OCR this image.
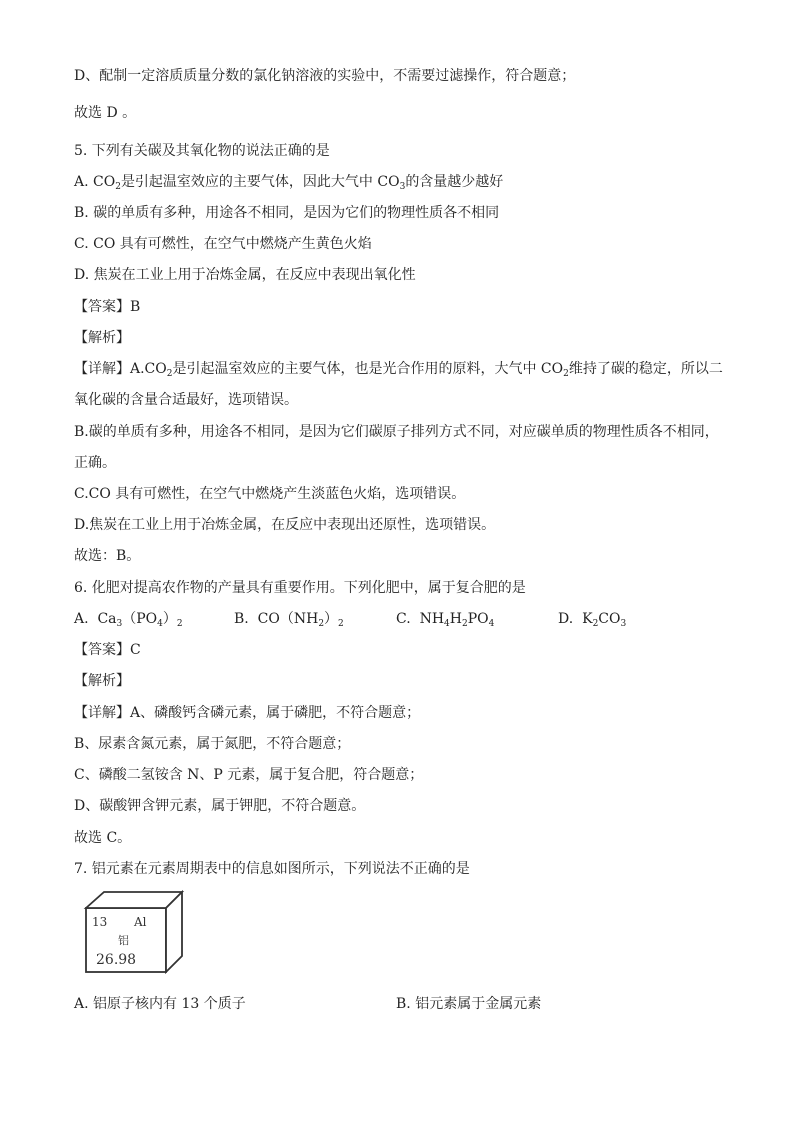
D、配制一定溶质质量分数的氯化钠溶液的实验中，不需要过滤操作，符合题意；
故选 D 。
5. 下列有关碳及其氧化物的说法正确的是
A. $CO_2$是引起温室效应的主要气体，因此大气中 $CO_3$的含量越少越好
B. 碳的单质有多种，用途各不相同，是因为它们的物理性质各不相同
C. CO 具有可燃性，在空气中燃烧产生黄色火焰
D. 焦炭在工业上用于冶炼金属，在反应中表现出氧化性
【答案】B
【解析】
【详解】$A.CO_2$是引起温室效应的主要气体，也是光合作用的原料，大气中 $CO_2$维持了碳的稳定，所以二
氧化碳的含量合适最好，选项错误。
B.碳的单质有多种，用途各不相同，是因为它们碳原子排列方式不同，对应碳单质的物理性质各不相同，
正确。
C.CO 具有可燃性，在空气中燃烧产生淡蓝色火焰，选项错误。
D.焦炭在工业上用于冶炼金属，在反应中表现出还原性，选项错误。
故选：B。
6. 化肥对提高农作物的产量具有重要作用。下列化肥中，属于复合肥的是
A. $Ca_3(PO_4)_2$	B. $CO(NH_2)_2$	C. $NH_4H_2PO_4$	D. $K_2CO_3$
【答案】C
【解析】
【详解】A、磷酸钙含磷元素，属于磷肥，不符合题意；
B、尿素含氮元素，属于氮肥，不符合题意；
C、磷酸二氢铵含 N、P 元素，属于复合肥，符合题意；
D、碳酸钾含钾元素，属于钾肥，不符合题意。
故选 C。
7. 铝元素在元素周期表中的信息如图所示，下列说法不正确的是
13 Al
铝
26.98
A. 铝原子核内有 13 个质子	B. 铝元素属于金属元素
